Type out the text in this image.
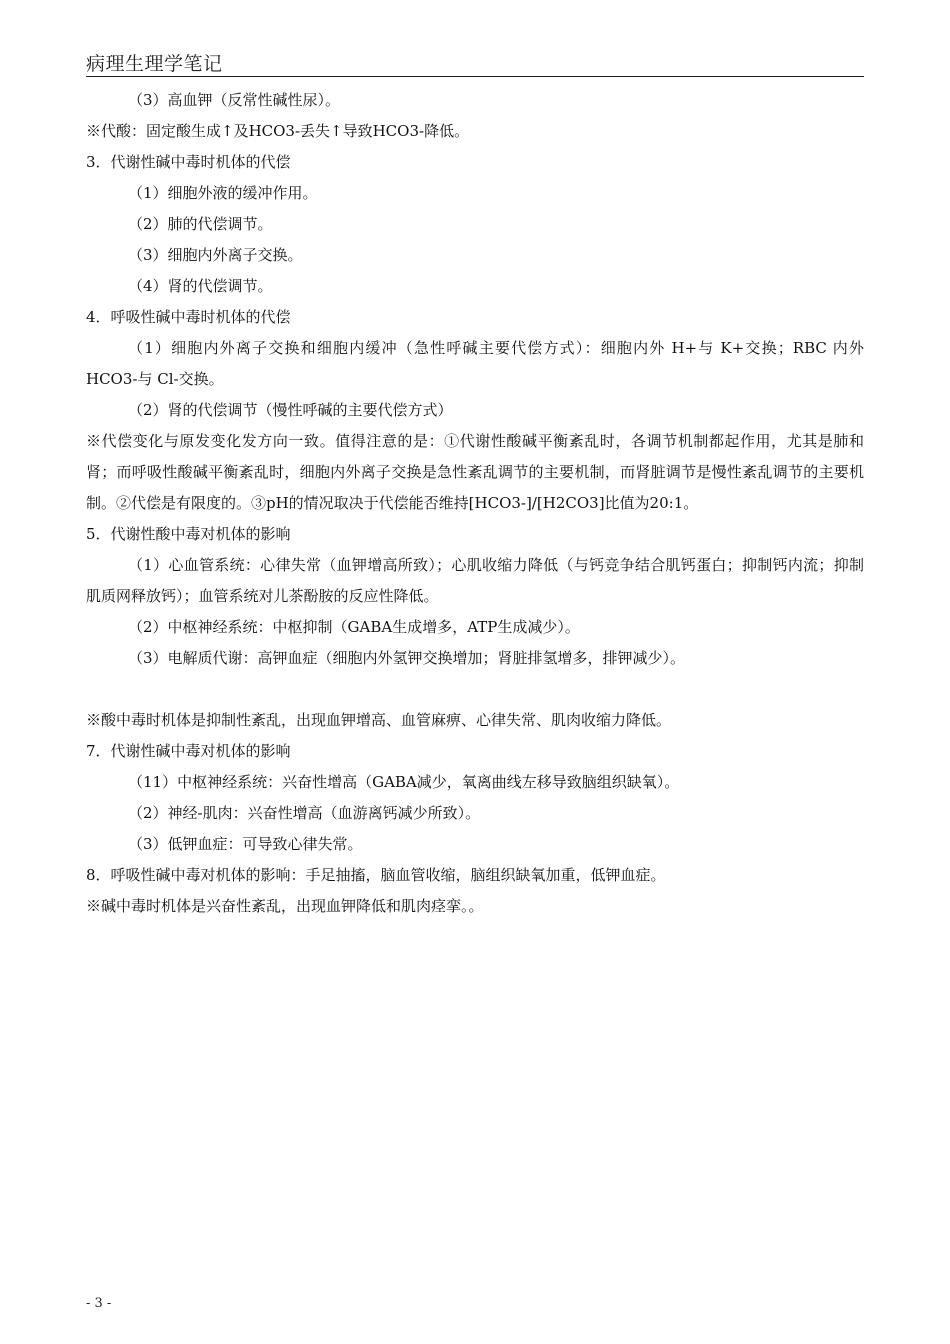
病理生理学笔记
（3）高血钾（反常性碱性尿）。
※代酸：固定酸生成↑及HCO3-丢失↑导致HCO3-降低。
3．代谢性碱中毒时机体的代偿
（1）细胞外液的缓冲作用。
（2）肺的代偿调节。
（3）细胞内外离子交换。
（4）肾的代偿调节。
4．呼吸性碱中毒时机体的代偿
（1）细胞内外离子交换和细胞内缓冲（急性呼碱主要代偿方式）：细胞内外 H+与 K+交换；RBC 内外HCO3-与 Cl-交换。
（2）肾的代偿调节（慢性呼碱的主要代偿方式）
※代偿变化与原发变化发方向一致。值得注意的是：①代谢性酸碱平衡紊乱时，各调节机制都起作用，尤其是肺和肾；而呼吸性酸碱平衡紊乱时，细胞内外离子交换是急性紊乱调节的主要机制，而肾脏调节是慢性紊乱调节的主要机制。②代偿是有限度的。③pH的情况取决于代偿能否维持[HCO3-]/[H2CO3]比值为20:1。
5．代谢性酸中毒对机体的影响
（1）心血管系统：心律失常（血钾增高所致）；心肌收缩力降低（与钙竞争结合肌钙蛋白；抑制钙内流；抑制肌质网释放钙）；血管系统对儿茶酚胺的反应性降低。
（2）中枢神经系统：中枢抑制（GABA生成增多，ATP生成减少）。
（3）电解质代谢：高钾血症（细胞内外氢钾交换增加；肾脏排氢增多，排钾减少）。
※酸中毒时机体是抑制性紊乱，出现血钾增高、血管麻痹、心律失常、肌肉收缩力降低。
7．代谢性碱中毒对机体的影响
（11）中枢神经系统：兴奋性增高（GABA减少，氧离曲线左移导致脑组织缺氧）。
（2）神经-肌肉：兴奋性增高（血游离钙减少所致）。
（3）低钾血症：可导致心律失常。
8．呼吸性碱中毒对机体的影响：手足抽搐，脑血管收缩，脑组织缺氧加重，低钾血症。
※碱中毒时机体是兴奋性紊乱，出现血钾降低和肌肉痉挛。。
- 3 -
